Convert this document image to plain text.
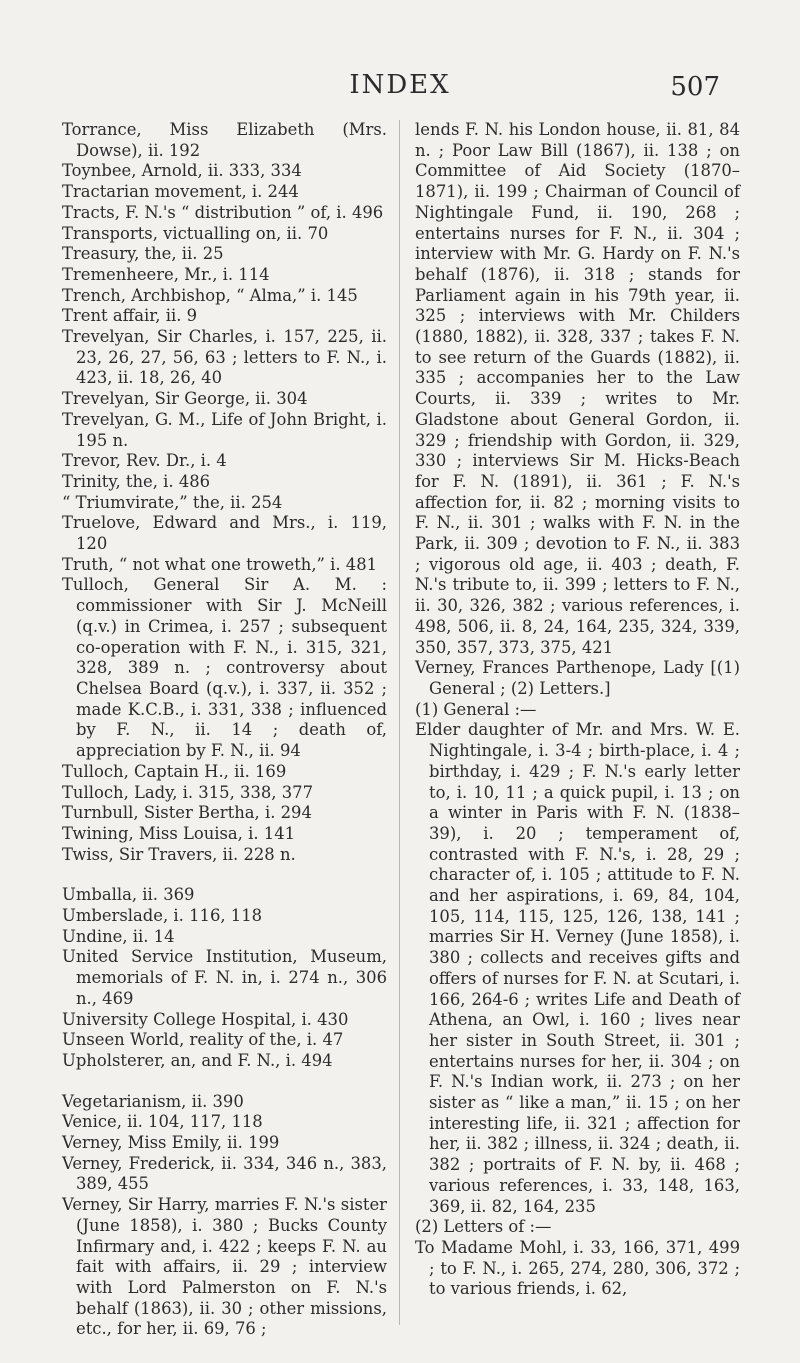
INDEX	507
Torrance, Miss Elizabeth (Mrs. Dowse), ii. 192
Toynbee, Arnold, ii. 333, 334
Tractarian movement, i. 244
Tracts, F. N.'s “ distribution ” of, i. 496
Transports, victualling on, ii. 70
Treasury, the, ii. 25
Tremenheere, Mr., i. 114
Trench, Archbishop, “ Alma,” i. 145
Trent affair, ii. 9
Trevelyan, Sir Charles, i. 157, 225, ii. 23, 26, 27, 56, 63 ; letters to F. N., i. 423, ii. 18, 26, 40
Trevelyan, Sir George, ii. 304
Trevelyan, G. M., Life of John Bright, i. 195 n.
Trevor, Rev. Dr., i. 4
Trinity, the, i. 486
“ Triumvirate,” the, ii. 254
Truelove, Edward and Mrs., i. 119, 120
Truth, “ not what one troweth,” i. 481
Tulloch, General Sir A. M. : commissioner with Sir J. McNeill (q.v.) in Crimea, i. 257 ; subsequent co-operation with F. N., i. 315, 321, 328, 389 n. ; controversy about Chelsea Board (q.v.), i. 337, ii. 352 ; made K.C.B., i. 331, 338 ; influenced by F. N., ii. 14 ; death of, appreciation by F. N., ii. 94
Tulloch, Captain H., ii. 169
Tulloch, Lady, i. 315, 338, 377
Turnbull, Sister Bertha, i. 294
Twining, Miss Louisa, i. 141
Twiss, Sir Travers, ii. 228 n.
Umballa, ii. 369
Umberslade, i. 116, 118
Undine, ii. 14
United Service Institution, Museum, memorials of F. N. in, i. 274 n., 306 n., 469
University College Hospital, i. 430
Unseen World, reality of the, i. 47
Upholsterer, an, and F. N., i. 494
Vegetarianism, ii. 390
Venice, ii. 104, 117, 118
Verney, Miss Emily, ii. 199
Verney, Frederick, ii. 334, 346 n., 383, 389, 455
Verney, Sir Harry, marries F. N.'s sister (June 1858), i. 380 ; Bucks County Infirmary and, i. 422 ; keeps F. N. au fait with affairs, ii. 29 ; interview with Lord Palmerston on F. N.'s behalf (1863), ii. 30 ; other missions, etc., for her, ii. 69, 76 ;
lends F. N. his London house, ii. 81, 84 n. ; Poor Law Bill (1867), ii. 138 ; on Committee of Aid Society (1870–1871), ii. 199 ; Chairman of Council of Nightingale Fund, ii. 190, 268 ; entertains nurses for F. N., ii. 304 ; interview with Mr. G. Hardy on F. N.'s behalf (1876), ii. 318 ; stands for Parliament again in his 79th year, ii. 325 ; interviews with Mr. Childers (1880, 1882), ii. 328, 337 ; takes F. N. to see return of the Guards (1882), ii. 335 ; accompanies her to the Law Courts, ii. 339 ; writes to Mr. Gladstone about General Gordon, ii. 329 ; friendship with Gordon, ii. 329, 330 ; interviews Sir M. Hicks-Beach for F. N. (1891), ii. 361 ; F. N.'s affection for, ii. 82 ; morning visits to F. N., ii. 301 ; walks with F. N. in the Park, ii. 309 ; devotion to F. N., ii. 383 ; vigorous old age, ii. 403 ; death, F. N.'s tribute to, ii. 399 ; letters to F. N., ii. 30, 326, 382 ; various references, i. 498, 506, ii. 8, 24, 164, 235, 324, 339, 350, 357, 373, 375, 421
Verney, Frances Parthenope, Lady [(1) General ; (2) Letters.]
(1) General :—
Elder daughter of Mr. and Mrs. W. E. Nightingale, i. 3-4 ; birth-place, i. 4 ; birthday, i. 429 ; F. N.'s early letter to, i. 10, 11 ; a quick pupil, i. 13 ; on a winter in Paris with F. N. (1838–39), i. 20 ; temperament of, contrasted with F. N.'s, i. 28, 29 ; character of, i. 105 ; attitude to F. N. and her aspirations, i. 69, 84, 104, 105, 114, 115, 125, 126, 138, 141 ; marries Sir H. Verney (June 1858), i. 380 ; collects and receives gifts and offers of nurses for F. N. at Scutari, i. 166, 264-6 ; writes Life and Death of Athena, an Owl, i. 160 ; lives near her sister in South Street, ii. 301 ; entertains nurses for her, ii. 304 ; on F. N.'s Indian work, ii. 273 ; on her sister as “ like a man,” ii. 15 ; on her interesting life, ii. 321 ; affection for her, ii. 382 ; illness, ii. 324 ; death, ii. 382 ; portraits of F. N. by, ii. 468 ; various references, i. 33, 148, 163, 369, ii. 82, 164, 235
(2) Letters of :—
To Madame Mohl, i. 33, 166, 371, 499 ; to F. N., i. 265, 274, 280, 306, 372 ; to various friends, i. 62,
